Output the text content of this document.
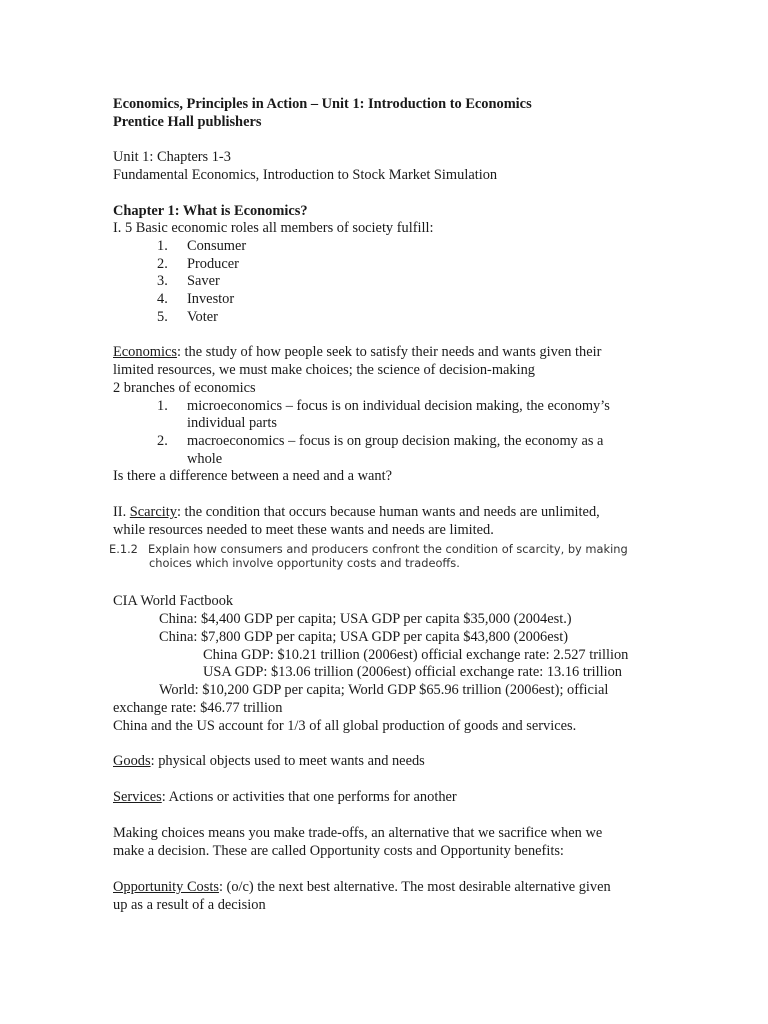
Economics, Principles in Action – Unit 1: Introduction to Economics
Prentice Hall publishers
Unit 1: Chapters 1-3
Fundamental Economics, Introduction to Stock Market Simulation
Chapter 1: What is Economics?
I. 5 Basic economic roles all members of society fulfill:
1. Consumer
2. Producer
3. Saver
4. Investor
5. Voter
Economics: the study of how people seek to satisfy their needs and wants given their
limited resources, we must make choices; the science of decision-making
2 branches of economics
1. microeconomics – focus is on individual decision making, the economy’s
individual parts
2. macroeconomics – focus is on group decision making, the economy as a
whole
Is there a difference between a need and a want?
II. Scarcity: the condition that occurs because human wants and needs are unlimited,
while resources needed to meet these wants and needs are limited.
E.1.2 Explain how consumers and producers confront the condition of scarcity, by making
choices which involve opportunity costs and tradeoffs.
CIA World Factbook
China: $4,400 GDP per capita; USA GDP per capita $35,000 (2004est.)
China: $7,800 GDP per capita; USA GDP per capita $43,800 (2006est)
China GDP: $10.21 trillion (2006est) official exchange rate: 2.527 trillion
USA GDP: $13.06 trillion (2006est) official exchange rate: 13.16 trillion
World: $10,200 GDP per capita; World GDP $65.96 trillion (2006est); official
exchange rate: $46.77 trillion
China and the US account for 1/3 of all global production of goods and services.
Goods: physical objects used to meet wants and needs
Services: Actions or activities that one performs for another
Making choices means you make trade-offs, an alternative that we sacrifice when we
make a decision. These are called Opportunity costs and Opportunity benefits:
Opportunity Costs: (o/c) the next best alternative. The most desirable alternative given
up as a result of a decision
